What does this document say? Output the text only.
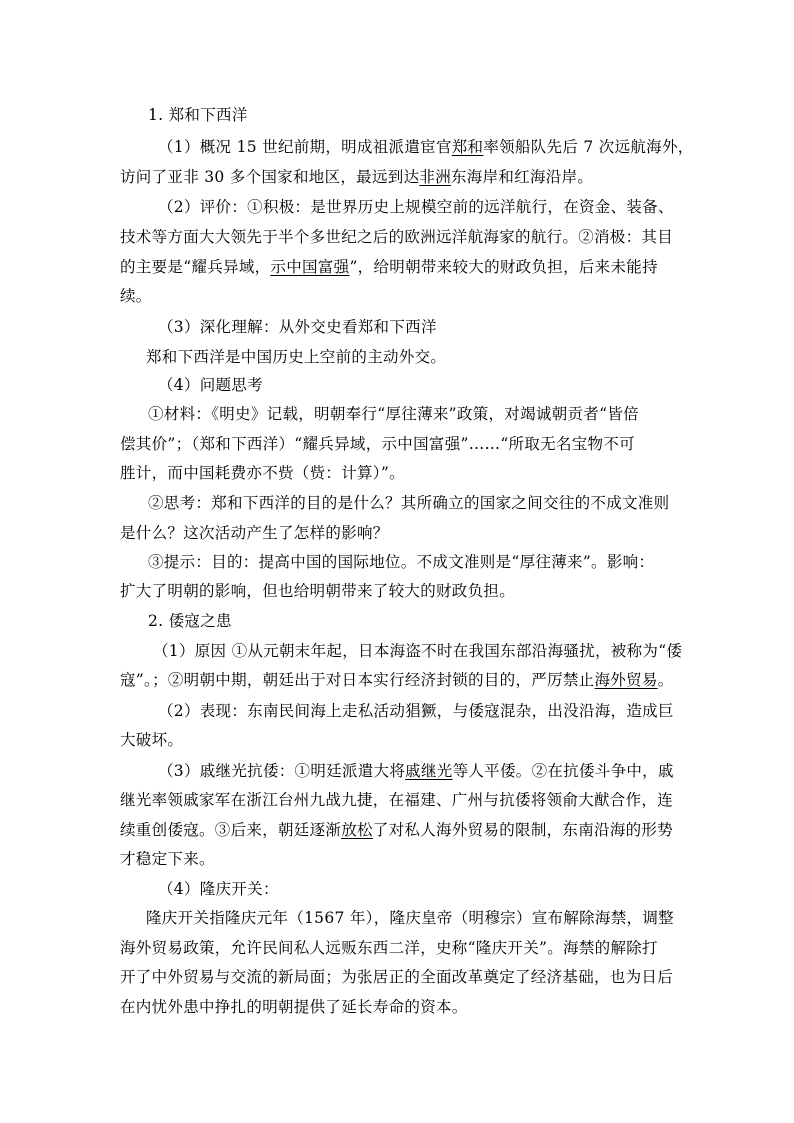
1. 郑和下西洋
（1）概况 15 世纪前期，明成祖派遣宦官郑和率领船队先后 7 次远航海外，
访问了亚非 30 多个国家和地区，最远到达非洲东海岸和红海沿岸。
（2）评价：①积极：是世界历史上规模空前的远洋航行，在资金、装备、
技术等方面大大领先于半个多世纪之后的欧洲远洋航海家的航行。②消极：其目
的主要是“耀兵异域，示中国富强”，给明朝带来较大的财政负担，后来未能持
续。
（3）深化理解：从外交史看郑和下西洋
郑和下西洋是中国历史上空前的主动外交。
（4）问题思考
①材料：《明史》记载，明朝奉行“厚往薄来”政策，对竭诚朝贡者“皆倍
偿其价”；（郑和下西洋）“耀兵异域，示中国富强”……“所取无名宝物不可
胜计，而中国耗费亦不赀（赀：计算）”。
②思考：郑和下西洋的目的是什么？其所确立的国家之间交往的不成文准则
是什么？这次活动产生了怎样的影响？
③提示：目的：提高中国的国际地位。不成文准则是“厚往薄来”。影响：
扩大了明朝的影响，但也给明朝带来了较大的财政负担。
2. 倭寇之患
（1）原因 ①从元朝末年起，日本海盗不时在我国东部沿海骚扰，被称为“倭
寇”。；②明朝中期，朝廷出于对日本实行经济封锁的目的，严厉禁止海外贸易。
（2）表现：东南民间海上走私活动猖獗，与倭寇混杂，出没沿海，造成巨
大破坏。
（3）戚继光抗倭：①明廷派遣大将戚继光等人平倭。②在抗倭斗争中，戚
继光率领戚家军在浙江台州九战九捷，在福建、广州与抗倭将领俞大猷合作，连
续重创倭寇。③后来，朝廷逐渐放松了对私人海外贸易的限制，东南沿海的形势
才稳定下来。
（4）隆庆开关：
隆庆开关指隆庆元年（1567 年），隆庆皇帝（明穆宗）宣布解除海禁，调整
海外贸易政策，允许民间私人远贩东西二洋，史称“隆庆开关”。海禁的解除打
开了中外贸易与交流的新局面；为张居正的全面改革奠定了经济基础，也为日后
在内忧外患中挣扎的明朝提供了延长寿命的资本。
